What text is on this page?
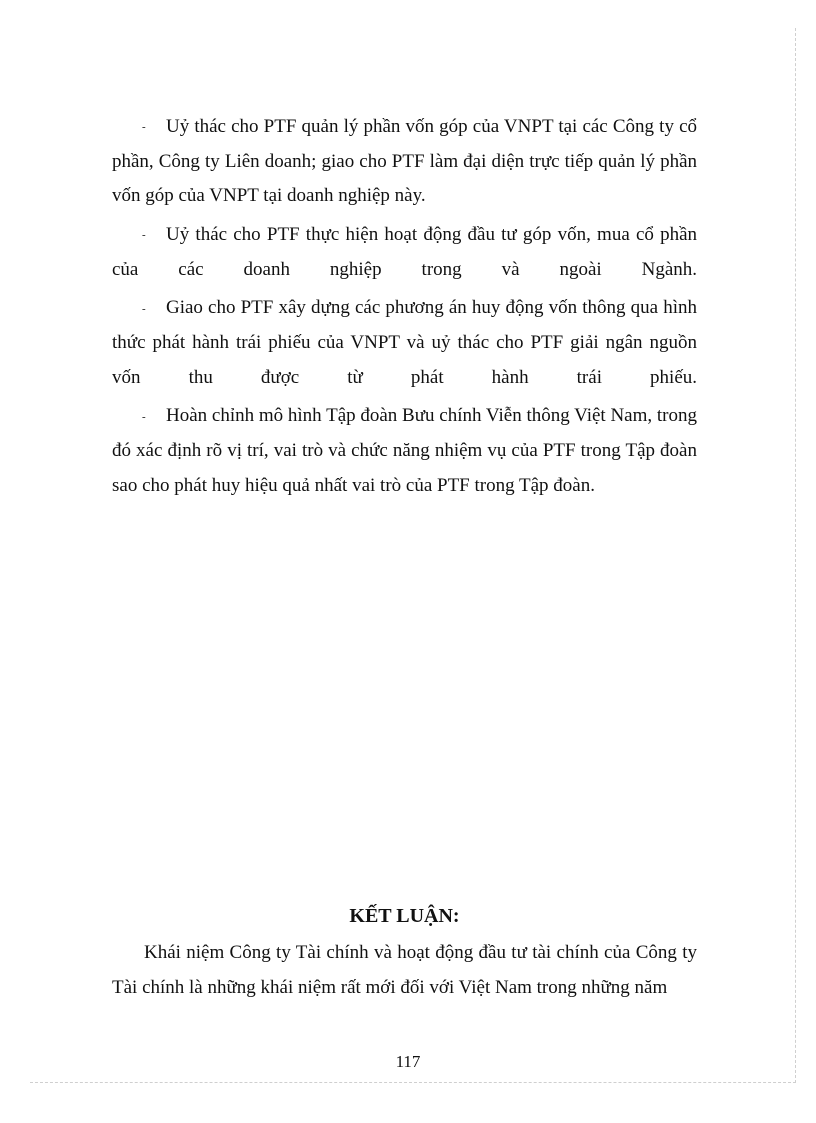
- Uỷ thác cho PTF quản lý phần vốn góp của VNPT tại các Công ty cổ phần, Công ty Liên doanh; giao cho PTF làm đại diện trực tiếp quản lý phần vốn góp của VNPT tại doanh nghiệp này.

- Uỷ thác cho PTF thực hiện hoạt động đầu tư góp vốn, mua cổ phần của các doanh nghiệp trong và ngoài Ngành.

- Giao cho PTF xây dựng các phương án huy động vốn thông qua hình thức phát hành trái phiếu của VNPT và uỷ thác cho PTF giải ngân nguồn vốn thu được từ phát hành trái phiếu.

- Hoàn chỉnh mô hình Tập đoàn Bưu chính Viễn thông Việt Nam, trong đó xác định rõ vị trí, vai trò và chức năng nhiệm vụ của PTF trong Tập đoàn sao cho phát huy hiệu quả nhất vai trò của PTF trong Tập đoàn.

KẾT LUẬN:

Khái niệm Công ty Tài chính và hoạt động đầu tư tài chính của Công ty Tài chính là những khái niệm rất mới đối với Việt Nam trong những năm

117
